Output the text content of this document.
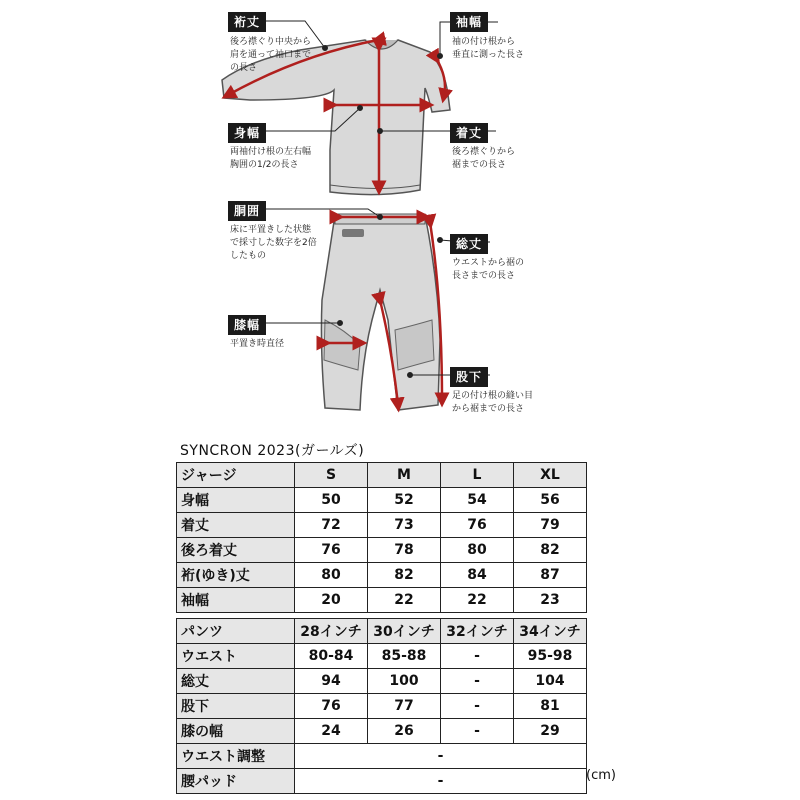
裄丈
後ろ襟ぐり中央から
肩を通って袖口まで
の長さ
袖幅
袖の付け根から
垂直に測った長さ
身幅
両袖付け根の左右幅
胸囲の1/2の長さ
着丈
後ろ襟ぐりから
裾までの長さ
胴囲
床に平置きした状態
で採寸した数字を2倍
したもの
総丈
ウエストから裾の
長さまでの長さ
膝幅
平置き時直径
股下
足の付け根の縫い目
から裾までの長さ
SYNCRON 2023(ガールズ)
ジャージ	S	M	L	XL
身幅	50	52	54	56
着丈	72	73	76	79
後ろ着丈	76	78	80	82
裄(ゆき)丈	80	82	84	87
袖幅	20	22	22	23
パンツ	28インチ	30インチ	32インチ	34インチ
ウエスト	80-84	85-88	-	95-98
総丈	94	100	-	104
股下	76	77	-	81
膝の幅	24	26	-	29
ウエスト調整	-			
腰パッド	-				(cm)
